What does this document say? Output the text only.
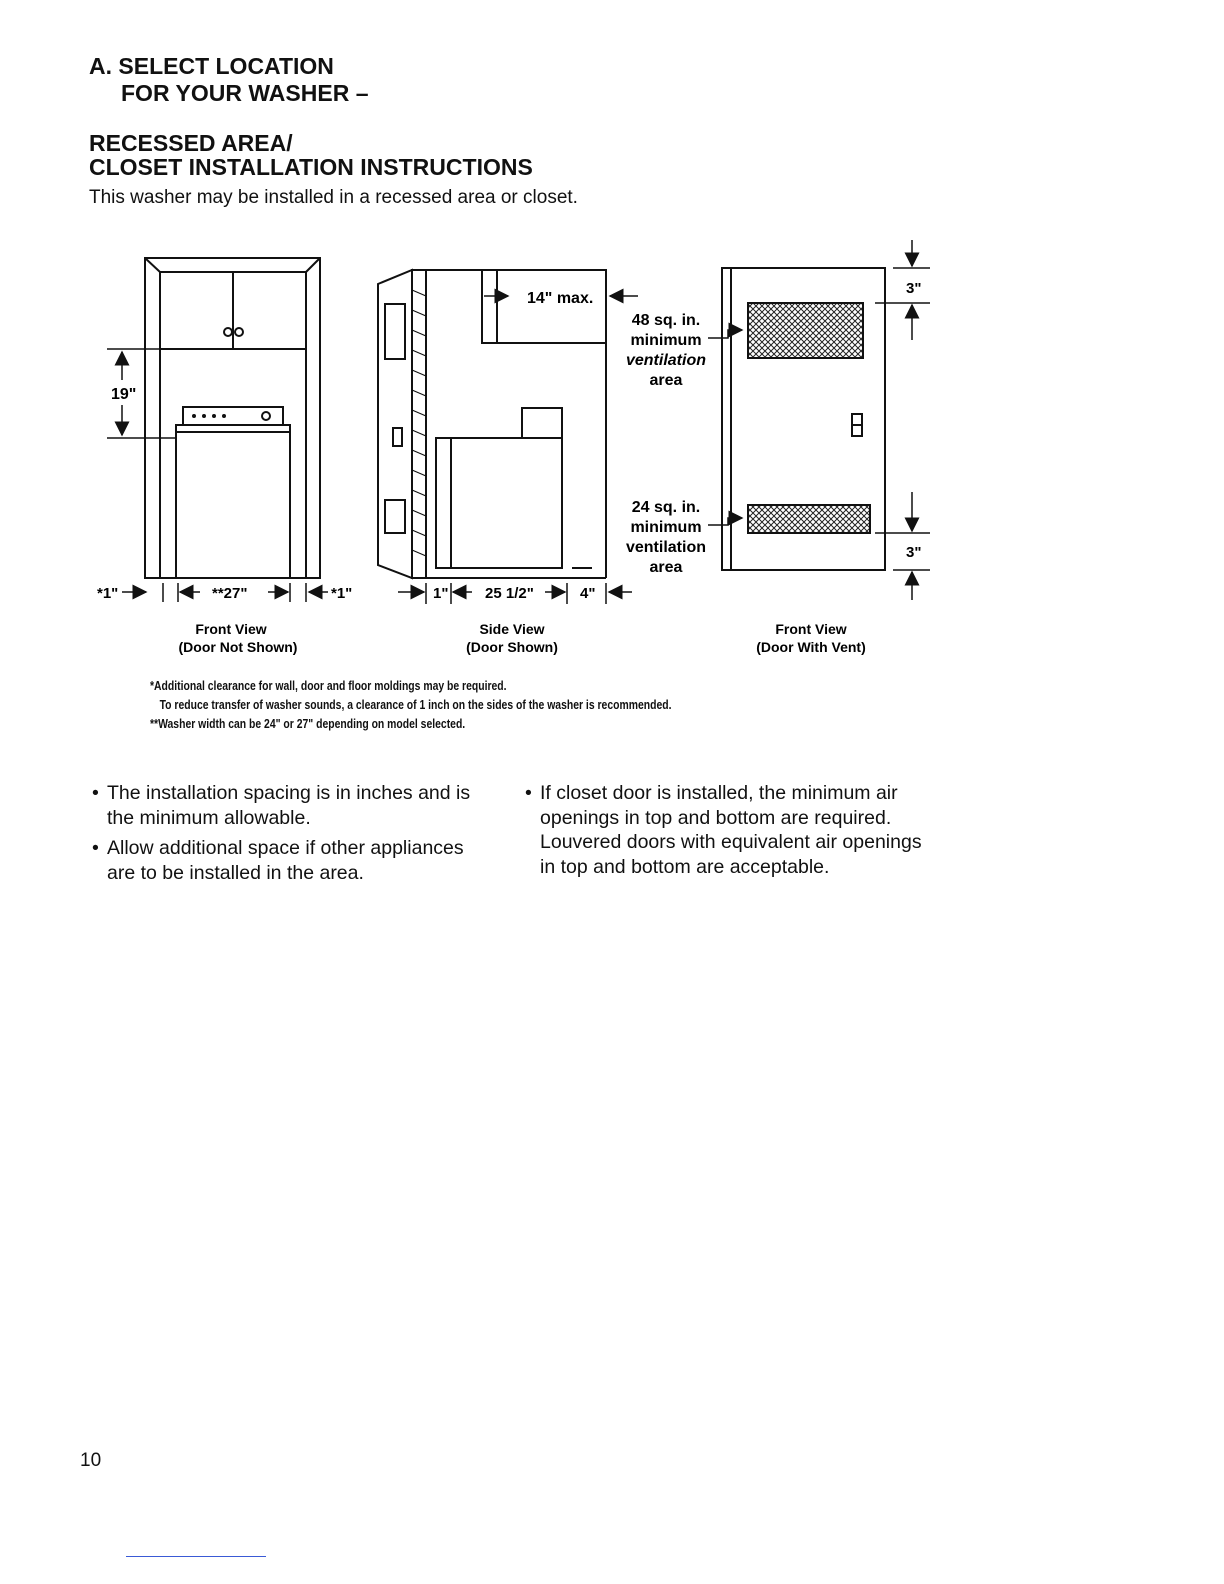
A. SELECT LOCATION
FOR YOUR WASHER –
RECESSED AREA/
CLOSET INSTALLATION INSTRUCTIONS
This washer may be installed in a recessed area or closet.
19"
*1"	**27"	*1"
Front View
(Door Not Shown)
14" max.
1" 25 1/2"	4"
Side View
(Door Shown)
48 sq. in.
minimum
ventilation
area
24 sq. in.
minimum
ventilation
area
3"
3"
Front View
(Door With Vent)
*Additional clearance for wall, door and floor moldings may be required.
To reduce transfer of washer sounds, a clearance of 1 inch on the sides of the washer is recommended.
**Washer width can be 24" or 27" depending on model selected.
• The installation spacing is in inches and is the minimum allowable.
• Allow additional space if other appliances are to be installed in the area.
• If closet door is installed, the minimum air openings in top and bottom are required. Louvered doors with equivalent air openings in top and bottom are acceptable.
10
